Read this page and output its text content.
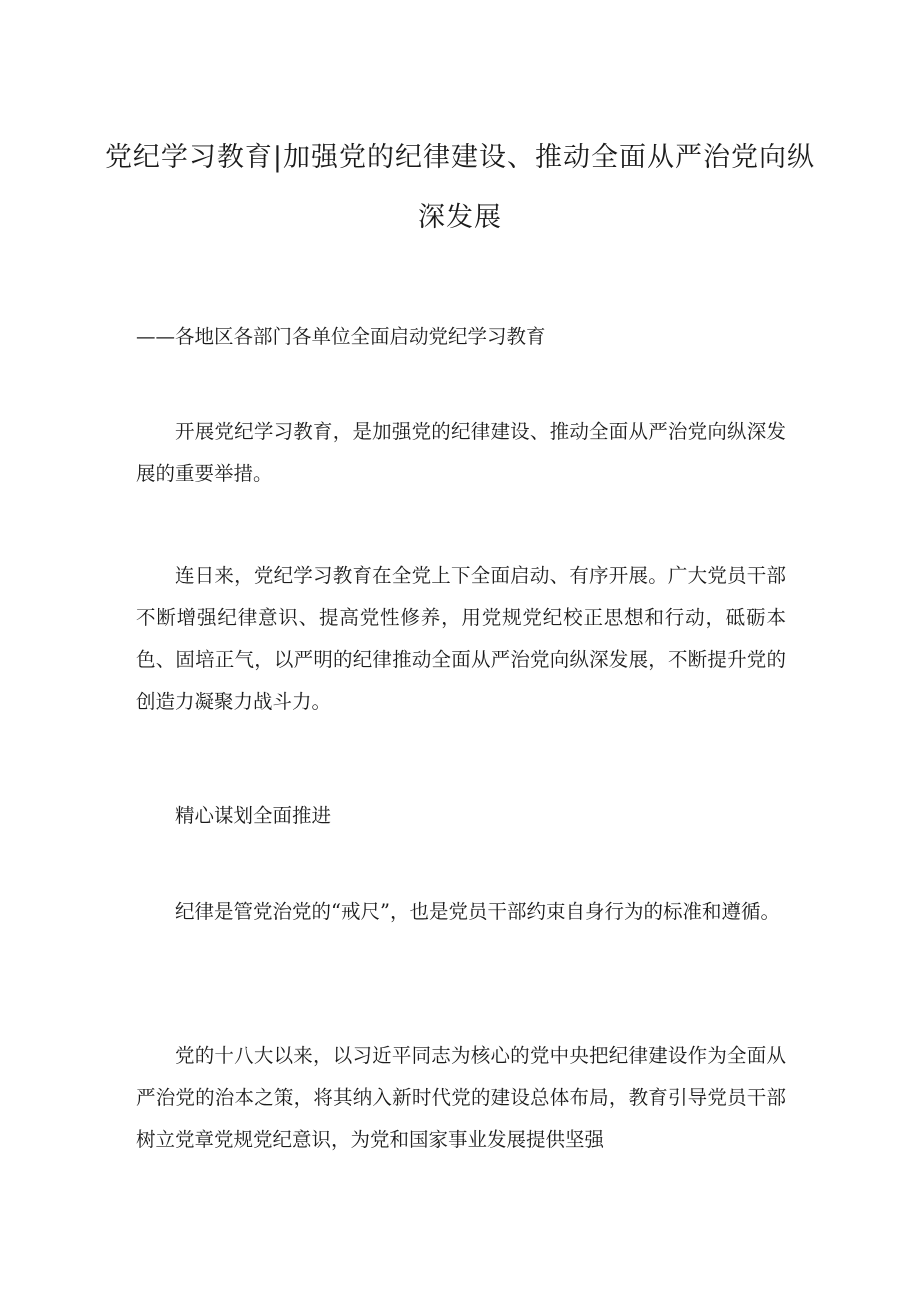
党纪学习教育|加强党的纪律建设、推动全面从严治党向纵
深发展

——各地区各部门各单位全面启动党纪学习教育

开展党纪学习教育，是加强党的纪律建设、推动全面从严治党向纵深发展的重要举措。

连日来，党纪学习教育在全党上下全面启动、有序开展。广大党员干部不断增强纪律意识、提高党性修养，用党规党纪校正思想和行动，砥砺本色、固培正气，以严明的纪律推动全面从严治党向纵深发展，不断提升党的创造力凝聚力战斗力。

精心谋划全面推进

纪律是管党治党的“戒尺”，也是党员干部约束自身行为的标准和遵循。

党的十八大以来，以习近平同志为核心的党中央把纪律建设作为全面从严治党的治本之策，将其纳入新时代党的建设总体布局，教育引导党员干部树立党章党规党纪意识，为党和国家事业发展提供坚强
